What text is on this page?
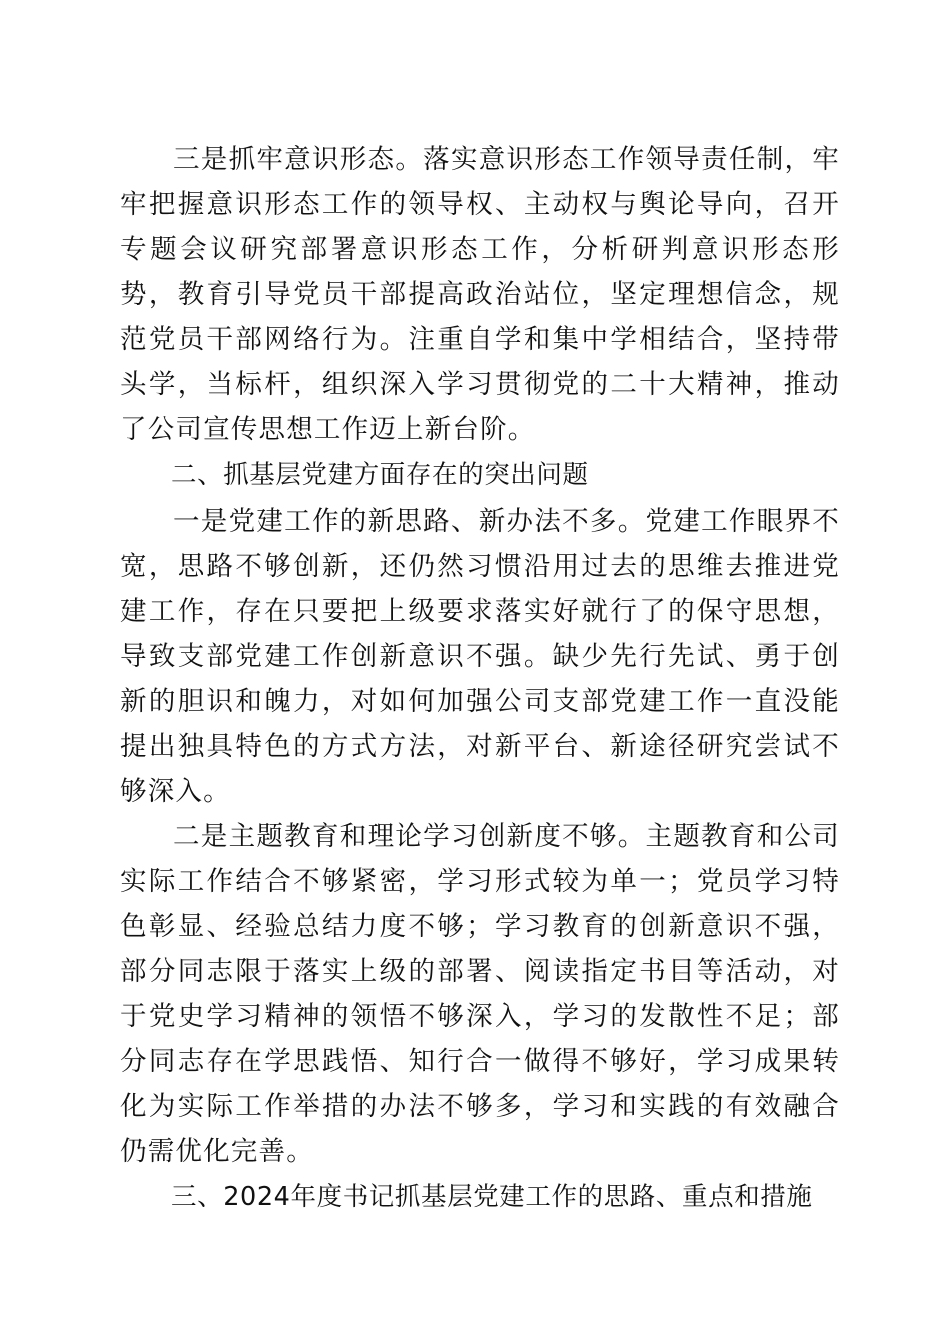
三是抓牢意识形态。落实意识形态工作领导责任制，牢牢把握意识形态工作的领导权、主动权与舆论导向，召开专题会议研究部署意识形态工作，分析研判意识形态形势，教育引导党员干部提高政治站位，坚定理想信念，规范党员干部网络行为。注重自学和集中学相结合，坚持带头学，当标杆，组织深入学习贯彻党的二十大精神，推动了公司宣传思想工作迈上新台阶。

二、抓基层党建方面存在的突出问题

一是党建工作的新思路、新办法不多。党建工作眼界不宽，思路不够创新，还仍然习惯沿用过去的思维去推进党建工作，存在只要把上级要求落实好就行了的保守思想，导致支部党建工作创新意识不强。缺少先行先试、勇于创新的胆识和魄力，对如何加强公司支部党建工作一直没能提出独具特色的方式方法，对新平台、新途径研究尝试不够深入。

二是主题教育和理论学习创新度不够。主题教育和公司实际工作结合不够紧密，学习形式较为单一；党员学习特色彰显、经验总结力度不够；学习教育的创新意识不强，部分同志限于落实上级的部署、阅读指定书目等活动，对于党史学习精神的领悟不够深入，学习的发散性不足；部分同志存在学思践悟、知行合一做得不够好，学习成果转化为实际工作举措的办法不够多，学习和实践的有效融合仍需优化完善。

三、2024年度书记抓基层党建工作的思路、重点和措施
